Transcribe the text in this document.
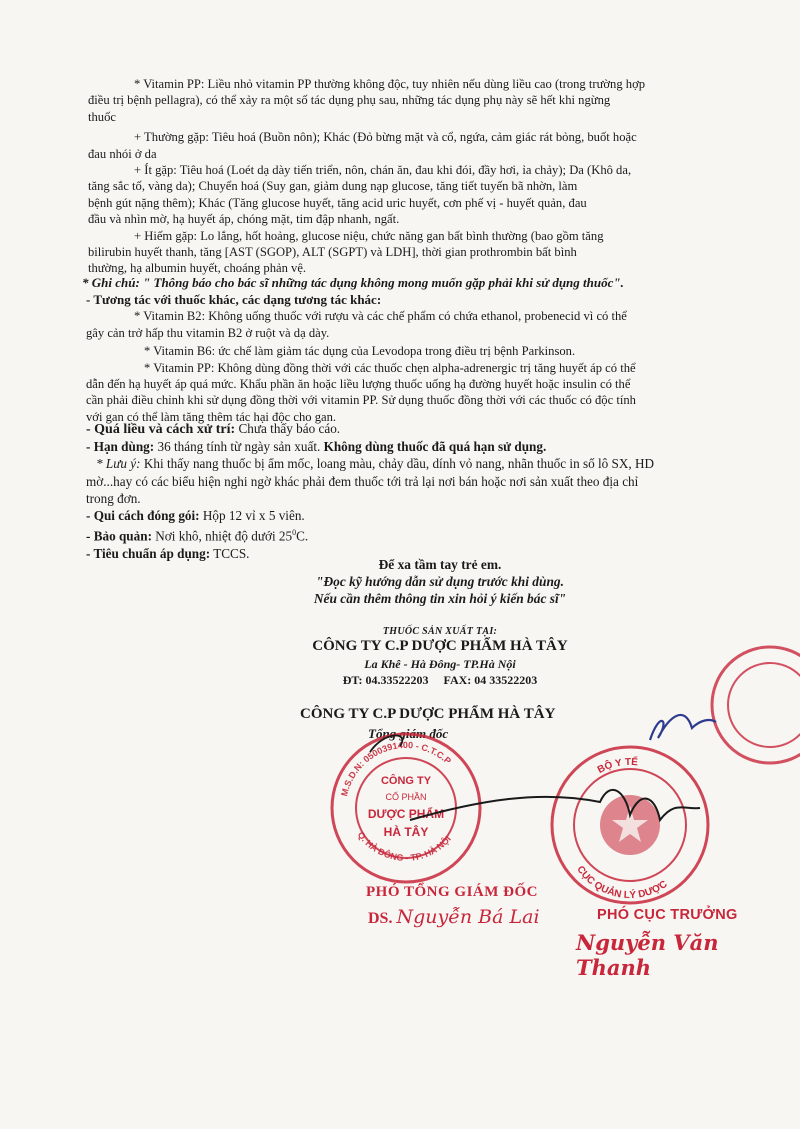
* Vitamin PP: Liều nhỏ vitamin PP thường không độc, tuy nhiên nếu dùng liều cao (trong trường hợp
điều trị bệnh pellagra), có thể xảy ra một số tác dụng phụ sau, những tác dụng phụ này sẽ hết khi ngừng
thuốc
+ Thường gặp: Tiêu hoá (Buồn nôn); Khác (Đỏ bừng mặt và cổ, ngứa, cảm giác rát bỏng, buốt hoặc
đau nhói ở da
+ Ít gặp: Tiêu hoá (Loét dạ dày tiến triển, nôn, chán ăn, đau khi đói, đầy hơi, ỉa chảy); Da (Khô da,
tăng sắc tố, vàng da); Chuyển hoá (Suy gan, giảm dung nạp glucose, tăng tiết tuyến bã nhờn, làm
bệnh gút nặng thêm); Khác (Tăng glucose huyết, tăng acid uric huyết, cơn phế vị - huyết quản, đau
đầu và nhìn mờ, hạ huyết áp, chóng mặt, tim đập nhanh, ngất.
+ Hiếm gặp: Lo lắng, hốt hoảng, glucose niệu, chức năng gan bất bình thường (bao gồm tăng
bilirubin huyết thanh, tăng [AST (SGOP), ALT (SGPT) và LDH], thời gian prothrombin bất bình
thường, hạ albumin huyết, choáng phản vệ.
* Ghi chú: " Thông báo cho bác sĩ những tác dụng không mong muốn gặp phải khi sử dụng thuốc".
- Tương tác với thuốc khác, các dạng tương tác khác:
* Vitamin B2: Không uống thuốc với rượu và các chế phẩm có chứa ethanol, probenecid vì có thể
gây cản trở hấp thu vitamin B2 ở ruột và dạ dày.
* Vitamin B6: ức chế làm giảm tác dụng của Levodopa trong điều trị bệnh Parkinson.
* Vitamin PP: Không dùng đồng thời với các thuốc chẹn alpha-adrenergic trị tăng huyết áp có thể
dẫn đến hạ huyết áp quá mức. Khẩu phần ăn hoặc liều lượng thuốc uống hạ đường huyết hoặc insulin có thể
cần phải điều chỉnh khi sử dụng đồng thời với vitamin PP. Sử dụng thuốc đồng thời với các thuốc có độc tính
với gan có thể làm tăng thêm tác hại độc cho gan.
- Quá liều và cách xử trí: Chưa thấy báo cáo.
- Hạn dùng: 36 tháng tính từ ngày sản xuất. Không dùng thuốc đã quá hạn sử dụng.
* Lưu ý: Khi thấy nang thuốc bị ẩm mốc, loang màu, chảy dầu, dính vỏ nang, nhãn thuốc in số lô SX, HD
mờ...hay có các biểu hiện nghi ngờ khác phải đem thuốc tới trả lại nơi bán hoặc nơi sản xuất theo địa chỉ
trong đơn.
- Qui cách đóng gói: Hộp 12 vỉ x 5 viên.
- Bảo quản: Nơi khô, nhiệt độ dưới $25^0C$.
- Tiêu chuẩn áp dụng: TCCS.
Để xa tầm tay trẻ em.
"Đọc kỹ hướng dẫn sử dụng trước khi dùng.
Nếu cần thêm thông tin xin hỏi ý kiến bác sĩ"
THUỐC SẢN XUẤT TẠI:
CÔNG TY C.P DƯỢC PHẨM HÀ TÂY
La Khê - Hà Đông- TP.Hà Nội
ĐT: 04.33522203 FAX: 04 33522203
CÔNG TY C.P DƯỢC PHẨM HÀ TÂY
Tổng giám đốc
M.S.D.N: 0500391400 - C.T.C.P
Q. HÀ ĐÔNG - TP. HÀ NỘI
CÔNG TY
CỔ PHẦN
DƯỢC PHẨM
HÀ TÂY
BỘ Y TẾ
CỤC QUẢN LÝ DƯỢC
PHÓ TỔNG GIÁM ĐỐC
DS. Nguyễn Bá Lai	PHÓ CỤC TRƯỞNG
Nguyễn Văn Thanh
